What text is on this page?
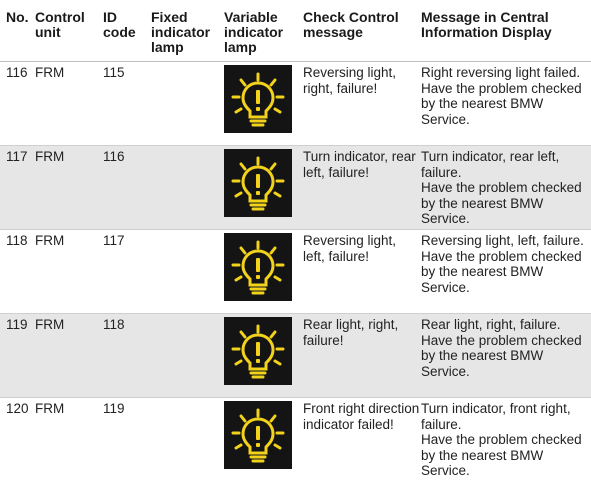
No.	Control unit	ID code	Fixed indicator lamp	Variable indicator lamp	Check Control message	Message in Central Information Display
116	FRM	115			Reversing light, right, failure!	Right reversing light failed.
Have the problem checked by the nearest BMW Service.

117	FRM	116			Turn indicator, rear left, failure!	Turn indicator, rear left, failure.
Have the problem checked by the nearest BMW Service.

118	FRM	117			Reversing light, left, failure!	Reversing light, left, failure.
Have the problem checked by the nearest BMW Service.

119	FRM	118			Rear light, right, failure!	Rear light, right, failure.
Have the problem checked by the nearest BMW Service.

120	FRM	119			Front right direction indicator failed!	Turn indicator, front right, failure.
Have the problem checked by the nearest BMW Service.
